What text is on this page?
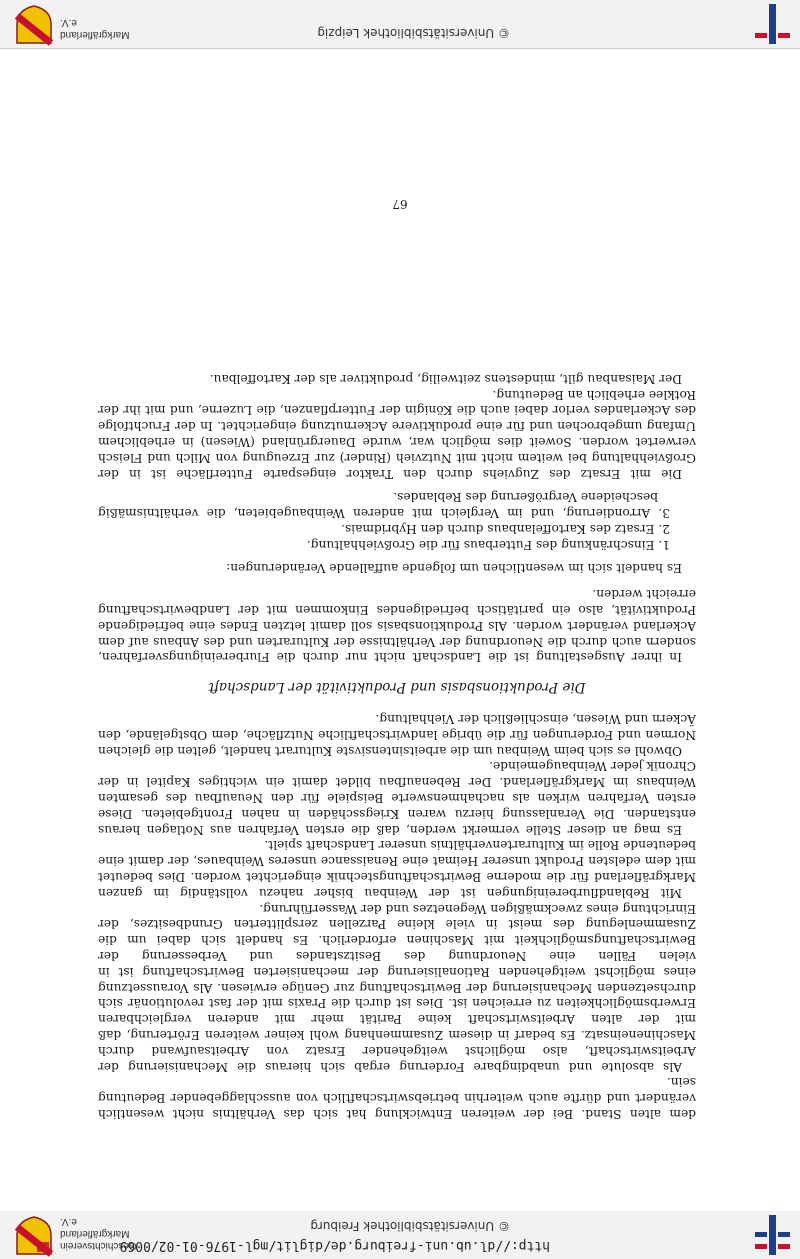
http://dl.ub.uni-freiburg.de/diglit/mgl-1976-01-02/0069
© Universitätsbibliothek Freiburg
Geschichtsverein
Markgräflerland e.V.

dem alten Stand. Bei der weiteren Entwicklung hat sich das Verhältnis nicht wesentlich verändert und dürfte auch weiterhin betriebswirtschaftlich von ausschlaggebender Bedeutung sein.

Als absolute und unabdingbare Forderung ergab sich hieraus die Mechanisierung der Arbeitswirtschaft, also möglichst weitgehender Ersatz von Arbeitsaufwand durch Maschineneinsatz. Es bedarf in diesem Zusammenhang wohl keiner weiteren Erörterung, daß mit der alten Arbeitswirtschaft keine Parität mehr mit anderen vergleichbaren Erwerbsmöglichkeiten zu erreichen ist. Dies ist durch die Praxis mit der fast revolutionär sich durchsetzenden Mechanisierung der Bewirtschaftung zur Genüge erwiesen. Als Voraussetzung eines möglichst weitgehenden Rationalisierung der mechanisierten Bewirtschaftung ist in vielen Fällen eine Neuordnung des Besitzstandes und Verbesserung der Bewirtschaftungsmöglichkeit mit Maschinen erforderlich. Es handelt sich dabei um die Zusammenlegung des meist in viele kleine Parzellen zersplitterten Grundbesitzes, der Einrichtung eines zweckmäßigen Wegenetzes und der Wasserführung.

Mit Reblandflurbereinigungen ist der Weinbau bisher nahezu vollständig im ganzen Markgräflerland für die moderne Bewirtschaftungstechnik eingerichtet worden. Dies bedeutet mit dem edelsten Produkt unserer Heimat eine Renaissance unseres Weinbaues, der damit eine bedeutende Rolle im Kulturartenverhältnis unserer Landschaft spielt.

Es mag an dieser Stelle vermerkt werden, daß die ersten Verfahren aus Notlagen heraus entstanden. Die Veranlassung hierzu waren Kriegsschäden in nahen Frontgebieten. Diese ersten Verfahren wirken als nachahmenswerte Beispiele für den Neuaufbau des gesamten Weinbaus im Markgräflerland. Der Rebenaufbau bildet damit ein wichtiges Kapitel in der Chronik jeder Weinbaugemeinde.

Obwohl es sich beim Weinbau um die arbeitsintensivste Kulturart handelt, gelten die gleichen Normen und Forderungen für die übrige landwirtschaftliche Nutzfläche, dem Obstgelände, den Äckern und Wiesen, einschließlich der Viehhaltung.

Die Produktionsbasis und Produktivität der Landschaft

In ihrer Ausgestaltung ist die Landschaft nicht nur durch die Flurbereinigungsverfahren, sondern auch durch die Neuordnung der Verhältnisse der Kulturarten und des Anbaus auf dem Ackerland verändert worden. Als Produktionsbasis soll damit letzten Endes eine befriedigende Produktivität, also ein paritätisch befriedigendes Einkommen mit der Landbewirtschaftung erreicht werden.

Es handelt sich im wesentlichen um folgende auffallende Veränderungen:

1. Einschränkung des Futterbaus für die Großviehhaltung.
2. Ersatz des Kartoffelanbaus durch den Hybridmais.
3. Arrondierung, und im Vergleich mit anderen Weinbaugebieten, die verhältnismäßig bescheidene Vergrößerung des Reblandes.

Die mit Ersatz des Zugviehs durch den Traktor eingesparte Futterfläche ist in der Großviehhaltung bei weitem nicht mit Nutzvieh (Rinder) zur Erzeugung von Milch und Fleisch verwertet worden. Soweit dies möglich war, wurde Dauergrünland (Wiesen) in erheblichem Umfang umgebrochen und für eine produktivere Ackernutzung eingerichtet. In der Fruchtfolge des Ackerlandes verlor dabei auch die Königin der Futterpflanzen, die Luzerne, und mit ihr der Rotklee erheblich an Bedeutung.

Der Maisanbau gilt, mindestens zeitweilig, produktiver als der Kartoffelbau.

67
© Universitätsbibliothek Leipzig
Markgräflerland e.V.
